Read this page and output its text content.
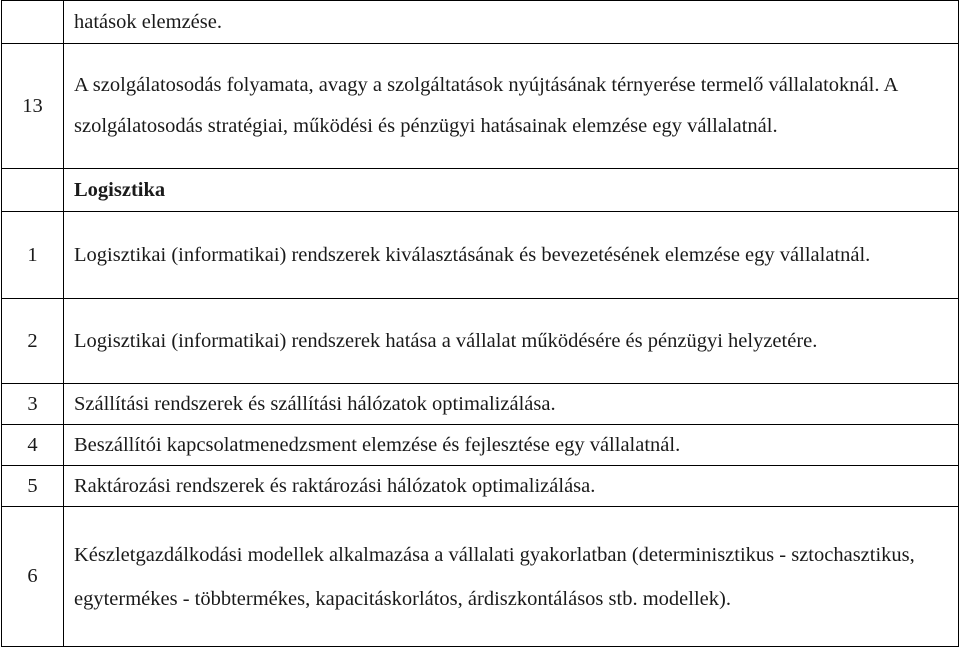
	hatások elemzése.

13	A szolgálatosodás folyamata, avagy a szolgáltatások nyújtásának térnyerése termelő vállalatoknál. A szolgálatosodás stratégiai, működési és pénzügyi hatásainak elemzése egy vállalatnál.

	Logisztika

1	Logisztikai (informatikai) rendszerek kiválasztásának és bevezetésének elemzése egy vállalatnál.

2	Logisztikai (informatikai) rendszerek hatása a vállalat működésére és pénzügyi helyzetére.

3	Szállítási rendszerek és szállítási hálózatok optimalizálása.

4	Beszállítói kapcsolatmenedzsment elemzése és fejlesztése egy vállalatnál.

5	Raktározási rendszerek és raktározási hálózatok optimalizálása.

6	Készletgazdálkodási modellek alkalmazása a vállalati gyakorlatban (determinisztikus - sztochasztikus, egytermékes - többtermékes, kapacitáskorlátos, árdiszkontálásos stb. modellek).
